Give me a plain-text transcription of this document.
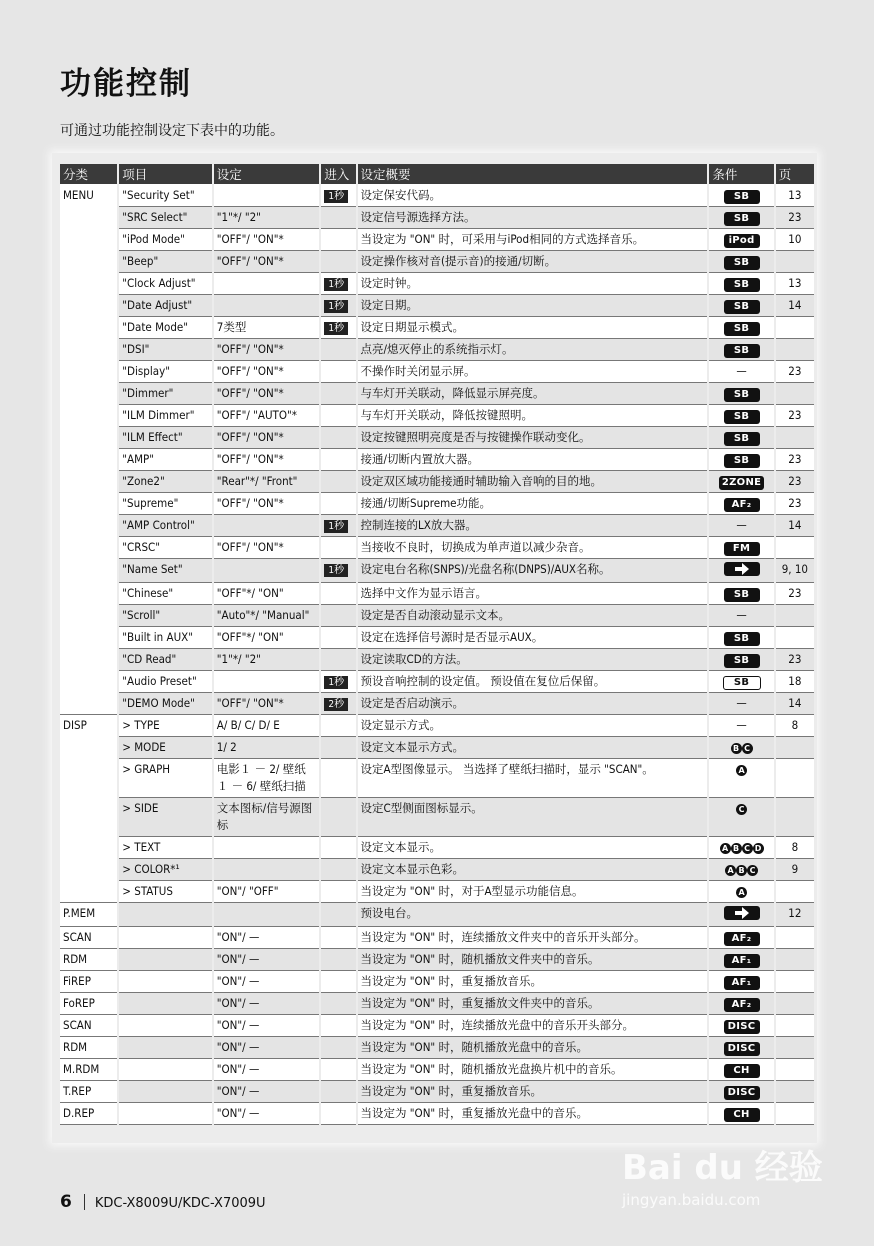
功能控制
可通过功能控制设定下表中的功能。
分类	项目	设定	进入	设定概要	条件	页
MENU	"Security Set"		1秒	设定保安代码。	SB	13
	"SRC Select"	"1"*/ "2"		设定信号源选择方法。	SB	23
	"iPod Mode"	"OFF"/ "ON"*		当设定为 "ON" 时，可采用与iPod相同的方式选择音乐。	iPod	10
	"Beep"	"OFF"/ "ON"*		设定操作核对音(提示音)的接通/切断。	SB	
	"Clock Adjust"		1秒	设定时钟。	SB	13
	"Date Adjust"		1秒	设定日期。	SB	14
	"Date Mode"	7类型	1秒	设定日期显示模式。	SB	
	"DSI"	"OFF"/ "ON"*		点亮/熄灭停止的系统指示灯。	SB	
	"Display"	"OFF"/ "ON"*		不操作时关闭显示屏。	—	23
	"Dimmer"	"OFF"/ "ON"*		与车灯开关联动，降低显示屏亮度。	SB	
	"ILM Dimmer"	"OFF"/ "AUTO"*		与车灯开关联动，降低按键照明。	SB	23
	"ILM Effect"	"OFF"/ "ON"*		设定按键照明亮度是否与按键操作联动变化。	SB	
	"AMP"	"OFF"/ "ON"*		接通/切断内置放大器。	SB	23
	"Zone2"	"Rear"*/ "Front"		设定双区域功能接通时辅助输入音响的目的地。	2ZONE	23
	"Supreme"	"OFF"/ "ON"*		接通/切断Supreme功能。	AF₂	23
	"AMP Control"		1秒	控制连接的LX放大器。	—	14
	"CRSC"	"OFF"/ "ON"*		当接收不良时，切换成为单声道以减少杂音。	FM	
	"Name Set"		1秒	设定电台名称(SNPS)/光盘名称(DNPS)/AUX名称。		9, 10
	"Chinese"	"OFF"*/ "ON"		选择中文作为显示语言。	SB	23
	"Scroll"	"Auto"*/ "Manual"		设定是否自动滚动显示文本。	—	
	"Built in AUX"	"OFF"*/ "ON"		设定在选择信号源时是否显示AUX。	SB	
	"CD Read"	"1"*/ "2"		设定读取CD的方法。	SB	23
	"Audio Preset"		1秒	预设音响控制的设定值。 预设值在复位后保留。	SB	18
	"DEMO Mode"	"OFF"/ "ON"*	2秒	设定是否启动演示。	—	14
DISP	> TYPE	A/ B/ C/ D/ E		设定显示方式。	—	8
	> MODE	1/ 2		设定文本显示方式。	B C	
	> GRAPH	电影１ － 2/ 壁纸１ － 6/ 壁纸扫描		设定A型图像显示。 当选择了壁纸扫描时，显示 "SCAN"。	A	
	> SIDE	文本图标/信号源图标		设定C型侧面图标显示。	C	
	> TEXT			设定文本显示。	A B C D	8
	> COLOR*¹			设定文本显示色彩。	A B C	9
	> STATUS	"ON"/ "OFF"		当设定为 "ON" 时，对于A型显示功能信息。	A	
P.MEM				预设电台。		12
SCAN		"ON"/ —		当设定为 "ON" 时，连续播放文件夹中的音乐开头部分。	AF₂	
RDM		"ON"/ —		当设定为 "ON" 时，随机播放文件夹中的音乐。	AF₁	
FiREP		"ON"/ —		当设定为 "ON" 时，重复播放音乐。	AF₁	
FoREP		"ON"/ —		当设定为 "ON" 时，重复播放文件夹中的音乐。	AF₂	
SCAN		"ON"/ —		当设定为 "ON" 时，连续播放光盘中的音乐开头部分。	DISC	
RDM		"ON"/ —		当设定为 "ON" 时，随机播放光盘中的音乐。	DISC	
M.RDM		"ON"/ —		当设定为 "ON" 时，随机播放光盘换片机中的音乐。	CH	
T.REP		"ON"/ —		当设定为 "ON" 时，重复播放音乐。	DISC	
D.REP		"ON"/ —		当设定为 "ON" 时，重复播放光盘中的音乐。	CH	
6 KDC-X8009U/KDC-X7009U
Bai du 经验
jingyan.baidu.com
